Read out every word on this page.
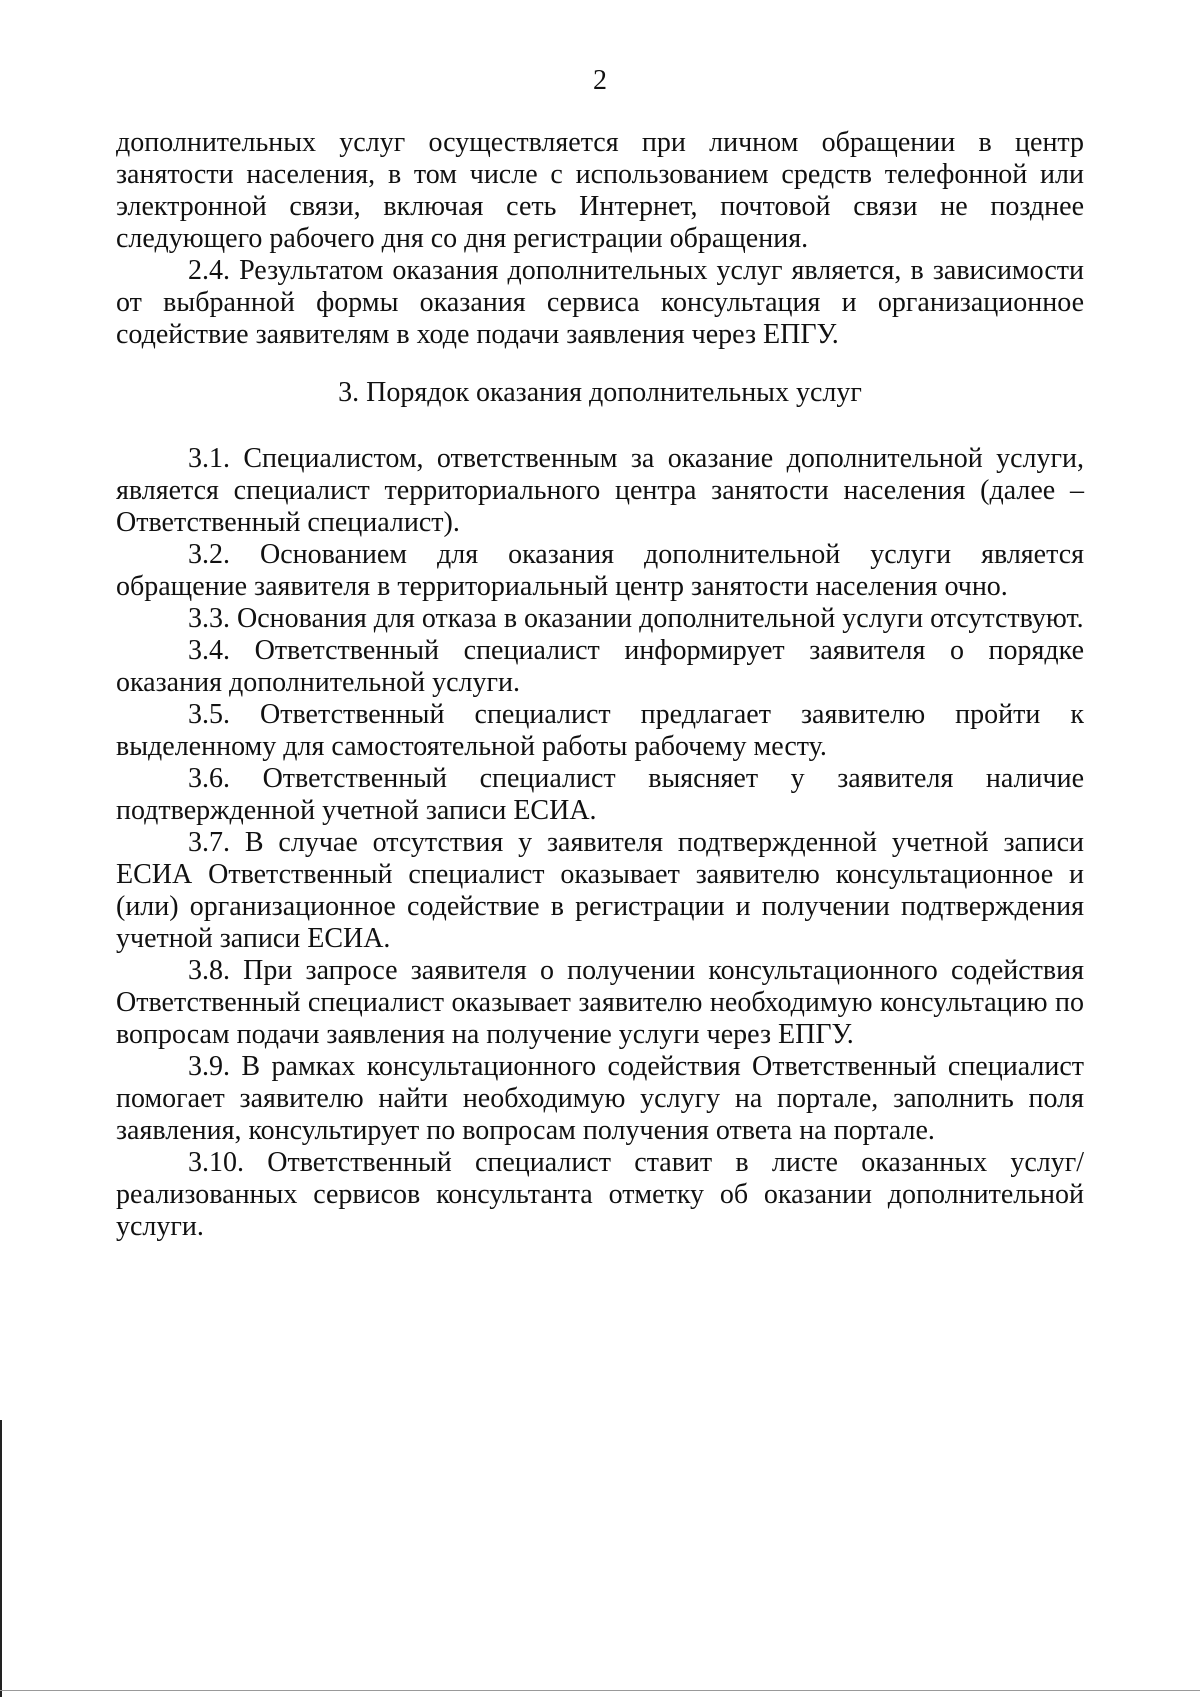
2

дополнительных услуг осуществляется при личном обращении в центр занятости населения, в том числе с использованием средств телефонной или электронной связи, включая сеть Интернет, почтовой связи не позднее следующего рабочего дня со дня регистрации обращения.

2.4. Результатом оказания дополнительных услуг является, в зависимости от выбранной формы оказания сервиса консультация и организационное содействие заявителям в ходе подачи заявления через ЕПГУ.

3. Порядок оказания дополнительных услуг

3.1. Специалистом, ответственным за оказание дополнительной услуги, является специалист территориального центра занятости населения (далее – Ответственный специалист).

3.2. Основанием для оказания дополнительной услуги является обращение заявителя в территориальный центр занятости населения очно.

3.3. Основания для отказа в оказании дополнительной услуги отсутствуют.

3.4. Ответственный специалист информирует заявителя о порядке оказания дополнительной услуги.

3.5. Ответственный специалист предлагает заявителю пройти к выделенному для самостоятельной работы рабочему месту.

3.6. Ответственный специалист выясняет у заявителя наличие подтвержденной учетной записи ЕСИА.

3.7. В случае отсутствия у заявителя подтвержденной учетной записи ЕСИА Ответственный специалист оказывает заявителю консультационное и (или) организационное содействие в регистрации и получении подтверждения учетной записи ЕСИА.

3.8. При запросе заявителя о получении консультационного содействия Ответственный специалист оказывает заявителю необходимую консультацию по вопросам подачи заявления на получение услуги через ЕПГУ.

3.9. В рамках консультационного содействия Ответственный специалист помогает заявителю найти необходимую услугу на портале, заполнить поля заявления, консультирует по вопросам получения ответа на портале.

3.10. Ответственный специалист ставит в листе оказанных услуг/ реализованных сервисов консультанта отметку об оказании дополнительной услуги.
